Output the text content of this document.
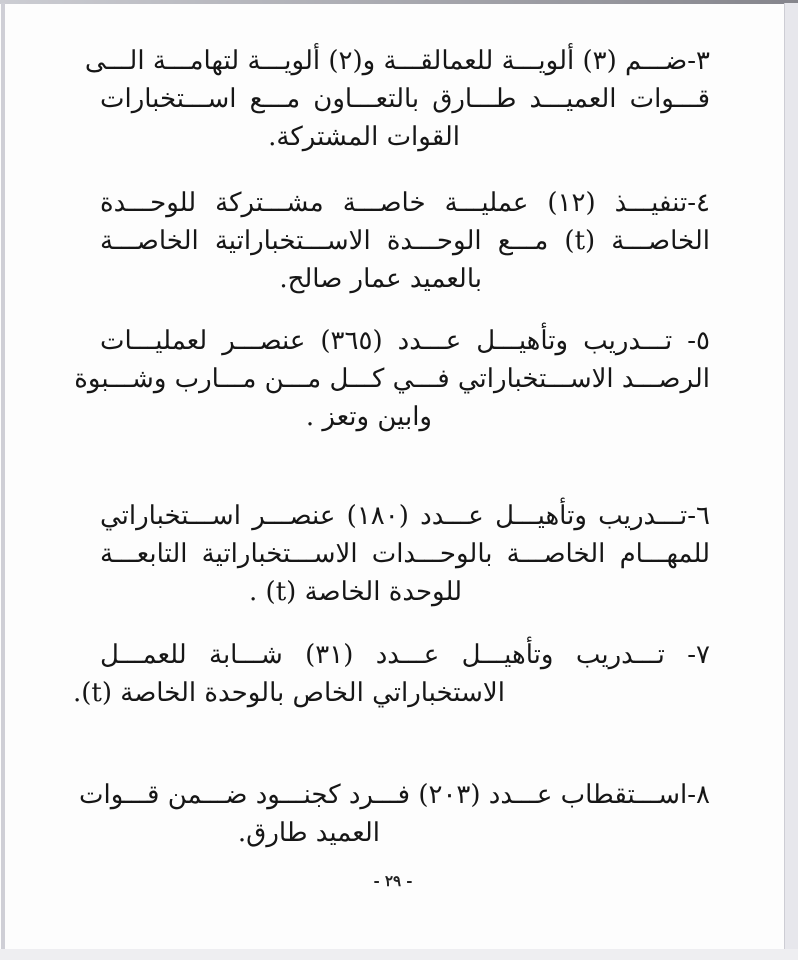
٣-ضـــم (٣) ألويـــة للعمالقـــة و(٢) ألويـــة لتهامـــة الـــى
قـــوات العميـــد طـــارق بالتعـــاون مـــع اســـتخبارات
القوات المشتركة.
٤-تنفيـــذ (١٢) عمليـــة خاصـــة مشـــتركة للوحـــدة
الخاصـــة (t) مـــع الوحـــدة الاســـتخباراتية الخاصـــة
بالعميد عمار صالح.
٥- تـــدريب وتأهيـــل عـــدد (٣٦٥) عنصـــر لعمليـــات
الرصـــد الاســـتخباراتي فـــي كـــل مـــن مـــارب وشـــبوة
وابين وتعز .
٦-تـــدريب وتأهيـــل عـــدد (١٨٠) عنصـــر اســـتخباراتي
للمهـــام الخاصـــة بالوحـــدات الاســـتخباراتية التابعـــة
للوحدة الخاصة (t) .
٧- تـــدريب وتأهيـــل عـــدد (٣١) شـــابة للعمـــل
الاستخباراتي الخاص بالوحدة الخاصة (t).
٨-اســـتقطاب عـــدد (٢٠٣) فـــرد كجنـــود ضـــمن قـــوات
العميد طارق.
- ٢٩ -
